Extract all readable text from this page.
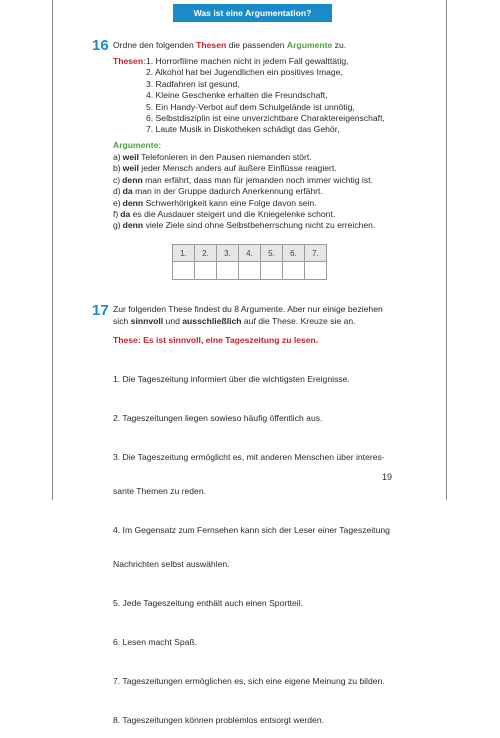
Was ist eine Argumentation?
16 Ordne den folgenden Thesen die passenden Argumente zu.
Thesen: 1. Horrorfilme machen nicht in jedem Fall gewalttätig,
2. Alkohol hat bei Jugendlichen ein positives Image,
3. Radfahren ist gesund,
4. Kleine Geschenke erhalten die Freundschaft,
5. Ein Handy-Verbot auf dem Schulgelände ist unnötig,
6. Selbstdisziplin ist eine unverzichtbare Charaktereigenschaft,
7. Laute Musik in Diskotheken schädigt das Gehör,
Argumente:
a) weil Telefonieren in den Pausen niemanden stört.
b) weil jeder Mensch anders auf äußere Einflüsse reagiert.
c) denn man erfährt, dass man für jemanden noch immer wichtig ist.
d) da man in der Gruppe dadurch Anerkennung erfährt.
e) denn Schwerhörigkeit kann eine Folge davon sein.
f) da es die Ausdauer steigert und die Kniegelenke schont.
g) denn viele Ziele sind ohne Selbstbeherrschung nicht zu erreichen.
1.	2.	3.	4.	5.	6.	7.

17 Zur folgenden These findest du 8 Argumente. Aber nur einige beziehen
sich sinnvoll und ausschließlich auf die These. Kreuze sie an.
These: Es ist sinnvoll, eine Tageszeitung zu lesen.

1. Die Tageszeitung informiert über die wichtigsten Ereignisse.

2. Tageszeitungen liegen sowieso häufig öffentlich aus.

3. Die Tageszeitung ermöglicht es, mit anderen Menschen über interes-

sante Themen zu reden.

4. Im Gegensatz zum Fernsehen kann sich der Leser einer Tageszeitung

Nachrichten selbst auswählen.

5. Jede Tageszeitung enthält auch einen Sportteil.

6. Lesen macht Spaß.

7. Tageszeitungen ermöglichen es, sich eine eigene Meinung zu bilden.

8. Tageszeitungen können problemlos entsorgt werden.

19
